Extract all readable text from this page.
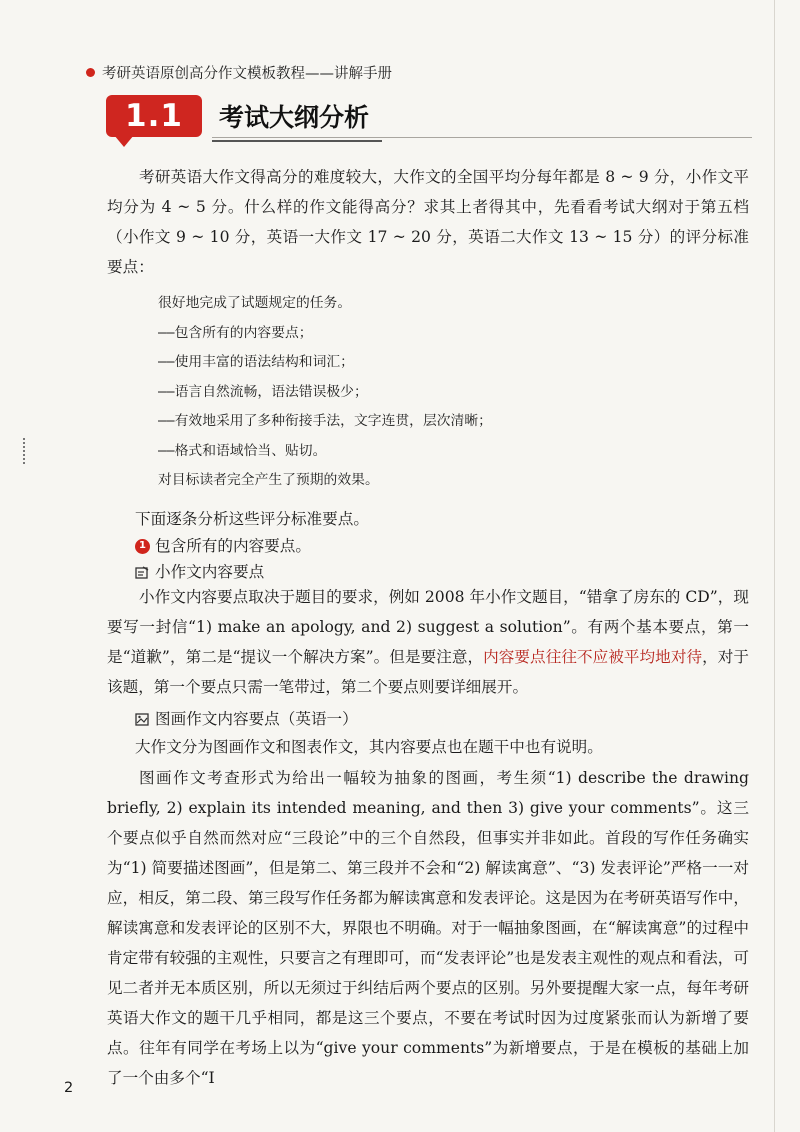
考研英语原创高分作文模板教程——讲解手册
1.1	考试大纲分析

考研英语大作文得高分的难度较大，大作文的全国平均分每年都是 8 ~ 9 分，小作文平均分为 4 ~ 5 分。什么样的作文能得高分？求其上者得其中，先看看考试大纲对于第五档（小作文 9 ~ 10 分，英语一大作文 17 ~ 20 分，英语二大作文 13 ~ 15 分）的评分标准要点：

很好地完成了试题规定的任务。
——包含所有的内容要点；
——使用丰富的语法结构和词汇；
——语言自然流畅，语法错误极少；
——有效地采用了多种衔接手法，文字连贯，层次清晰；
——格式和语域恰当、贴切。
对目标读者完全产生了预期的效果。
下面逐条分析这些评分标准要点。
1 包含所有的内容要点。
小作文内容要点

小作文内容要点取决于题目的要求，例如 2008 年小作文题目，“错拿了房东的 CD”，现要写一封信“1) make an apology, and 2) suggest a solution”。有两个基本要点，第一是“道歉”，第二是“提议一个解决方案”。但是要注意，内容要点往往不应被平均地对待，对于该题，第一个要点只需一笔带过，第二个要点则要详细展开。

图画作文内容要点（英语一）
大作文分为图画作文和图表作文，其内容要点也在题干中也有说明。

图画作文考查形式为给出一幅较为抽象的图画，考生须“1) describe the drawing briefly, 2) explain its intended meaning, and then 3) give your comments”。这三个要点似乎自然而然对应“三段论”中的三个自然段，但事实并非如此。首段的写作任务确实为“1) 简要描述图画”，但是第二、第三段并不会和“2) 解读寓意”、“3) 发表评论”严格一一对应，相反，第二段、第三段写作任务都为解读寓意和发表评论。这是因为在考研英语写作中，解读寓意和发表评论的区别不大，界限也不明确。对于一幅抽象图画，在“解读寓意”的过程中肯定带有较强的主观性，只要言之有理即可，而“发表评论”也是发表主观性的观点和看法，可见二者并无本质区别，所以无须过于纠结后两个要点的区别。另外要提醒大家一点，每年考研英语大作文的题干几乎相同，都是这三个要点，不要在考试时因为过度紧张而认为新增了要点。往年有同学在考场上以为“give your comments”为新增要点，于是在模板的基础上加了一个由多个“I

2
